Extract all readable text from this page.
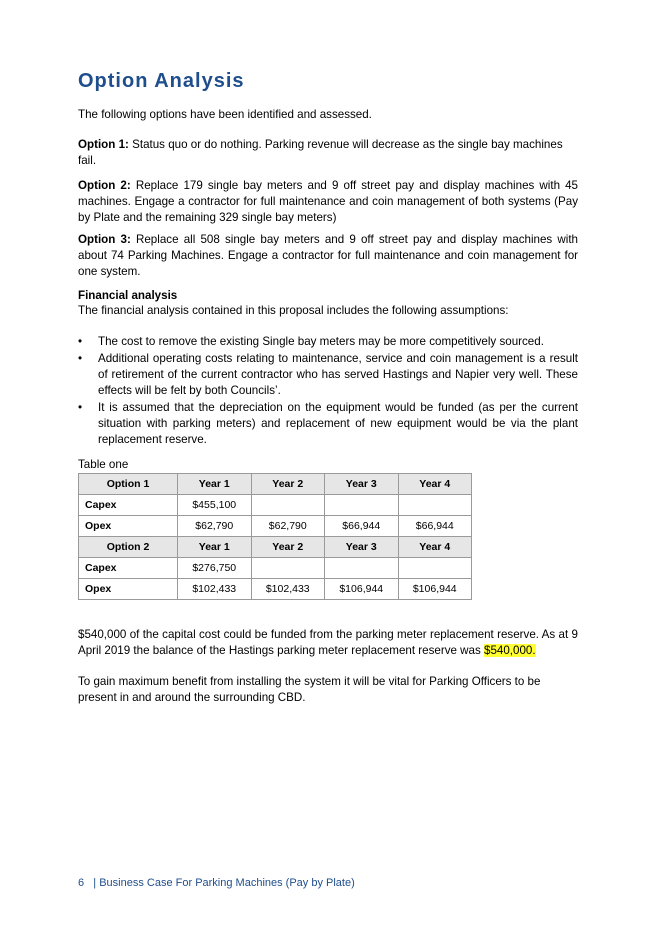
Option Analysis

The following options have been identified and assessed.

Option 1: Status quo or do nothing. Parking revenue will decrease as the single bay machines fail.

Option 2: Replace 179 single bay meters and 9 off street pay and display machines with 45 machines. Engage a contractor for full maintenance and coin management of both systems (Pay by Plate and the remaining 329 single bay meters)

Option 3: Replace all 508 single bay meters and 9 off street pay and display machines with about 74 Parking Machines. Engage a contractor for full maintenance and coin management for one system.

Financial analysis

The financial analysis contained in this proposal includes the following assumptions:

• The cost to remove the existing Single bay meters may be more competitively sourced.
• Additional operating costs relating to maintenance, service and coin management is a result of retirement of the current contractor who has served Hastings and Napier very well. These effects will be felt by both Councils’.
• It is assumed that the depreciation on the equipment would be funded (as per the current situation with parking meters) and replacement of new equipment would be via the plant replacement reserve.

Table one

Option 1	Year 1	Year 2	Year 3	Year 4
Capex	$455,100			
Opex	$62,790	$62,790	$66,944	$66,944
Option 2	Year 1	Year 2	Year 3	Year 4
Capex	$276,750			
Opex	$102,433	$102,433	$106,944	$106,944

$540,000 of the capital cost could be funded from the parking meter replacement reserve. As at 9 April 2019 the balance of the Hastings parking meter replacement reserve was $540,000.

To gain maximum benefit from installing the system it will be vital for Parking Officers to be present in and around the surrounding CBD.

6 | Business Case For Parking Machines (Pay by Plate)
